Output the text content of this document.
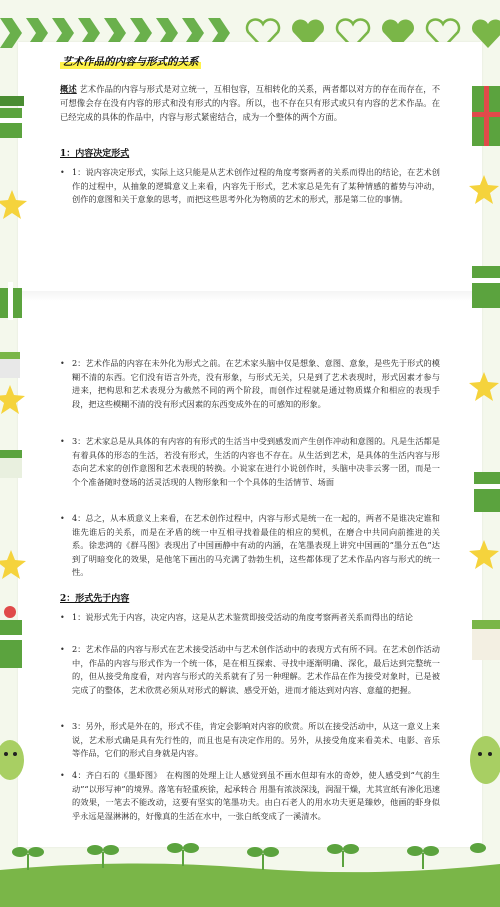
艺术作品的内容与形式的关系
概述 艺术作品的内容与形式是对立统一，互相包容，互相转化的关系，两者都以对方的存在而存在，不可想像会存在没有内容的形式和没有形式的内容。所以，也不存在只有形式或只有内容的艺术作品。在已经完成的具体的作品中，内容与形式紧密结合，成为一个整体的两个方面。
1：内容决定形式
• 1：说内容决定形式，实际上这只能是从艺术创作过程的角度考察两者的关系而得出的结论，在艺术创作的过程中，从抽象的逻辑意义上来看，内容先于形式，艺术家总是先有了某种情感的蓄势与冲动，创作的意图和关于意象的思考，而把这些思考外化为物质的艺术的形式，那是第二位的事情。
• 2：艺术作品的内容在未外化为形式之前。在艺术家头脑中仅是想象、意图、意象，是些先于形式的模糊不清的东西。它们没有语言外壳，没有形象，与形式无关，只是到了艺术表现时，形式因素才参与进来，把构思和艺术表现分为截然不同的两个阶段，而创作过程就是通过物质媒介和相应的表现手段，把这些模糊不清的没有形式因素的东西变成外在的可感知的形象。
• 3：艺术家总是从具体的有内容的有形式的生活当中受到感发而产生创作冲动和意图的。凡是生活都是有着具体的形态的生活，若没有形式，生活的内容也不存在。从生活到艺术，是具体的生活内容与形态向艺术家的创作意图和艺术表现的转换。小说家在进行小说创作时，头脑中决非云雾一团，而是一个个准备随时登场的活灵活现的人物形象和一个个具体的生活情节、场面
• 4：总之，从本质意义上来看，在艺术创作过程中，内容与形式是统一在一起的，两者不是谁决定谁和谁先谁后的关系，而是在矛盾的统一中互相寻找着最佳的相应的契机，在磨合中共同向前推进的关系。徐悲鸿的《群马图》表现出了中国画静中有动的内涵，在笔墨表现上讲究中国画的“墨分五色”达到了明暗变化的效果，是他笔下画出的马充满了勃勃生机，这些都体现了艺术作品内容与形式的统一性。
2：形式先于内容
• 1：说形式先于内容，决定内容，这是从艺术鉴赏即接受活动的角度考察两者关系而得出的结论
• 2：艺术作品的内容与形式在艺术接受活动中与艺术创作活动中的表现方式有所不同。在艺术创作活动中，作品的内容与形式作为一个统一体，是在相互探索、寻找中逐渐明确、深化，最后达到完整统一的，但从接受角度看，对内容与形式的关系就有了另一种理解。艺术作品在作为接受对象时，已是被完成了的整体，艺术欣赏必须从对形式的解读、感受开始，进而才能达到对内容、意蕴的把握。
• 3：另外，形式是外在的，形式不佳，肯定会影响对内容的欣赏。所以在接受活动中，从这一意义上来说，艺术形式确是具有先行性的，而且也是有决定作用的。另外，从接受角度来看美术、电影、音乐等作品，它们的形式自身就是内容。
• 4：齐白石的《墨虾图》　在构图的处理上让人感觉到虽不画水但却有水的奇妙，使人感受到“气韵生动”“以形写神”的境界。落笔有轻重疾徐，起承转合 用墨有浓淡深浅，润湿干燥，尤其宣纸有渗化迅速的效果，一笔去不能改动，这要有坚实的笔墨功夫。由白石老人的用水功夫更是臻妙，他画的虾身似乎永远是湿淋淋的，好像真的生活在水中，一张白纸变成了一溪清水。
